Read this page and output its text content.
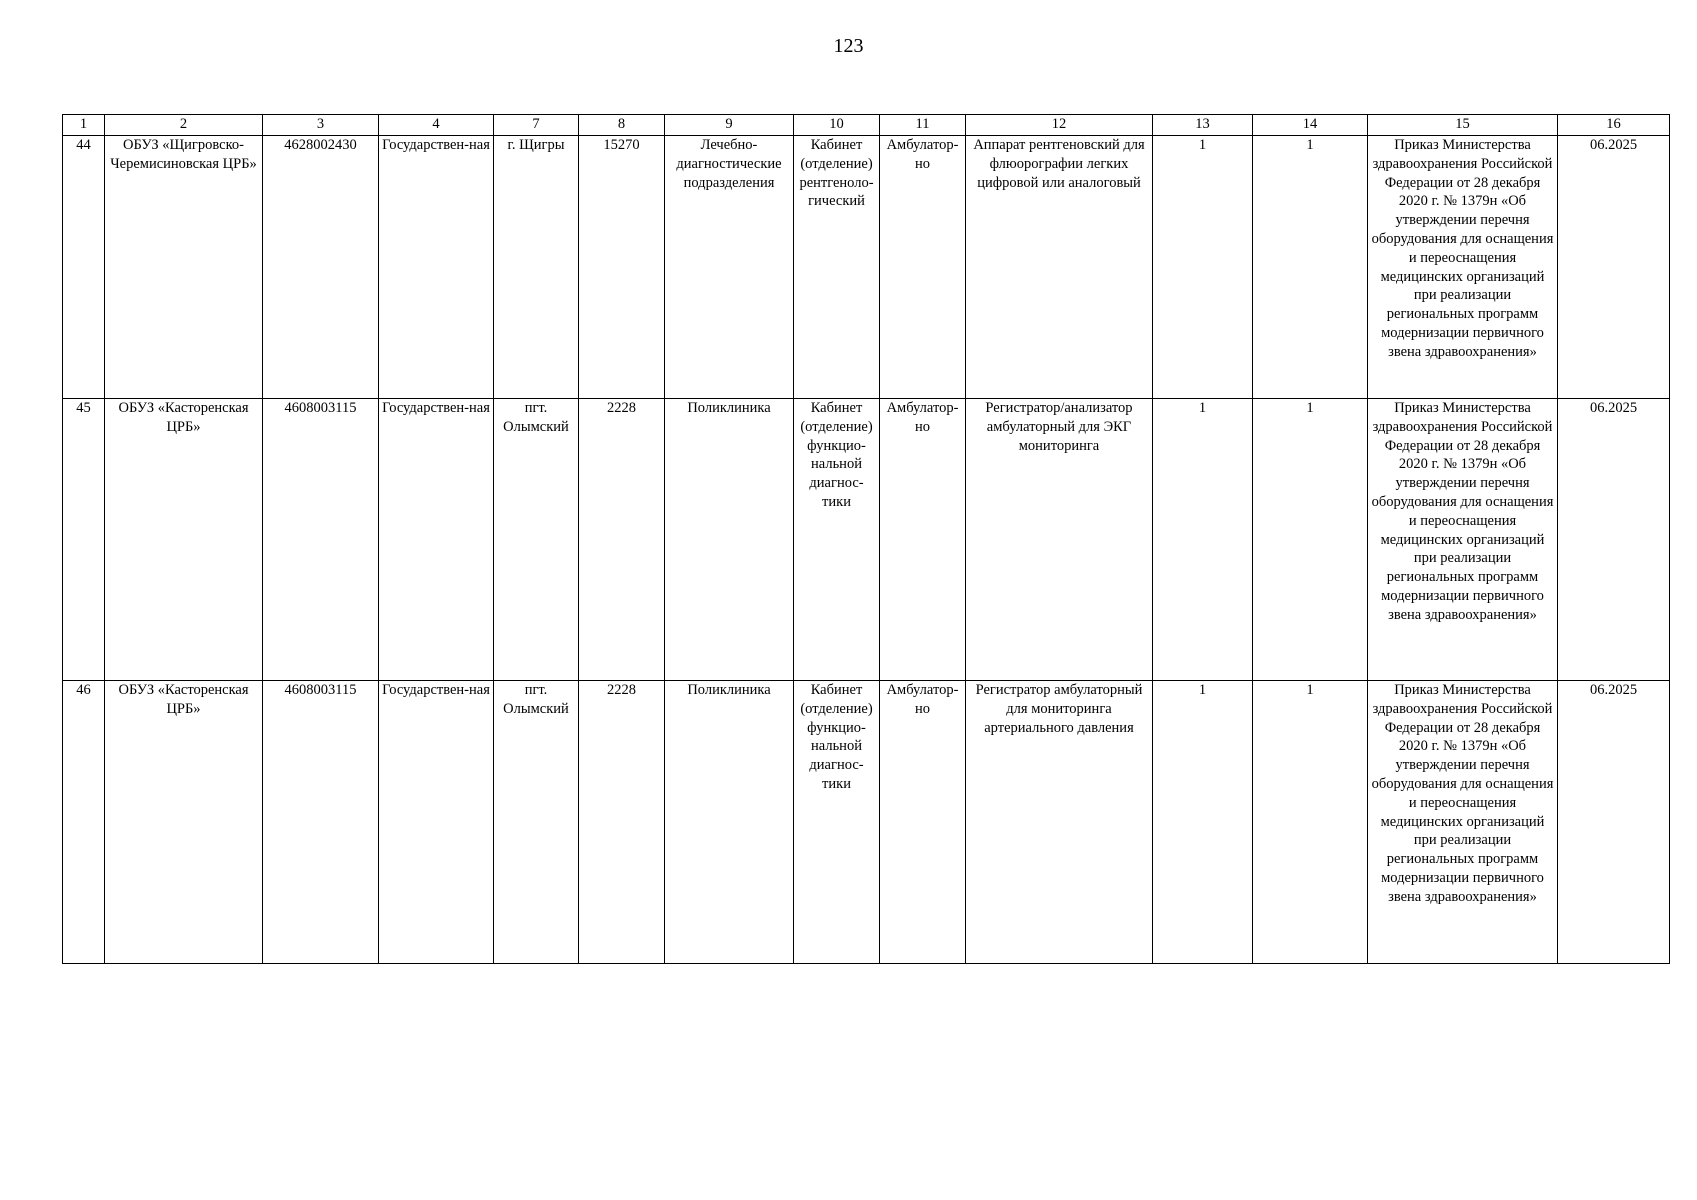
123
1	2	3	4	7	8	9	10	11	12	13	14	15	16
44	ОБУЗ «Щигровско-Черемисиновская ЦРБ»	4628002430	Государствен-ная	г. Щигры	15270	Лечебно-диагностические подразделения	Кабинет (отделение) рентгеноло-гический	Амбулатор-но	Аппарат рентгеновский для флюорографии легких цифровой или аналоговый	1	1	Приказ Министерства здравоохранения Российской Федерации от 28 декабря 2020 г. № 1379н «Об утверждении перечня оборудования для оснащения и переоснащения медицинских организаций при реализации региональных программ модернизации первичного звена здравоохранения»	06.2025
45	ОБУЗ «Касторенская ЦРБ»	4608003115	Государствен-ная	пгт. Олымский	2228	Поликлиника	Кабинет (отделение) функцио-нальной диагнос-тики	Амбулатор-но	Регистратор/анализатор амбулаторный для ЭКГ мониторинга	1	1	Приказ Министерства здравоохранения Российской Федерации от 28 декабря 2020 г. № 1379н «Об утверждении перечня оборудования для оснащения и переоснащения медицинских организаций при реализации региональных программ модернизации первичного звена здравоохранения»	06.2025
46	ОБУЗ «Касторенская ЦРБ»	4608003115	Государствен-ная	пгт. Олымский	2228	Поликлиника	Кабинет (отделение) функцио-нальной диагнос-тики	Амбулатор-но	Регистратор амбулаторный для мониторинга артериального давления	1	1	Приказ Министерства здравоохранения Российской Федерации от 28 декабря 2020 г. № 1379н «Об утверждении перечня оборудования для оснащения и переоснащения медицинских организаций при реализации региональных программ модернизации первичного звена здравоохранения»	06.2025
